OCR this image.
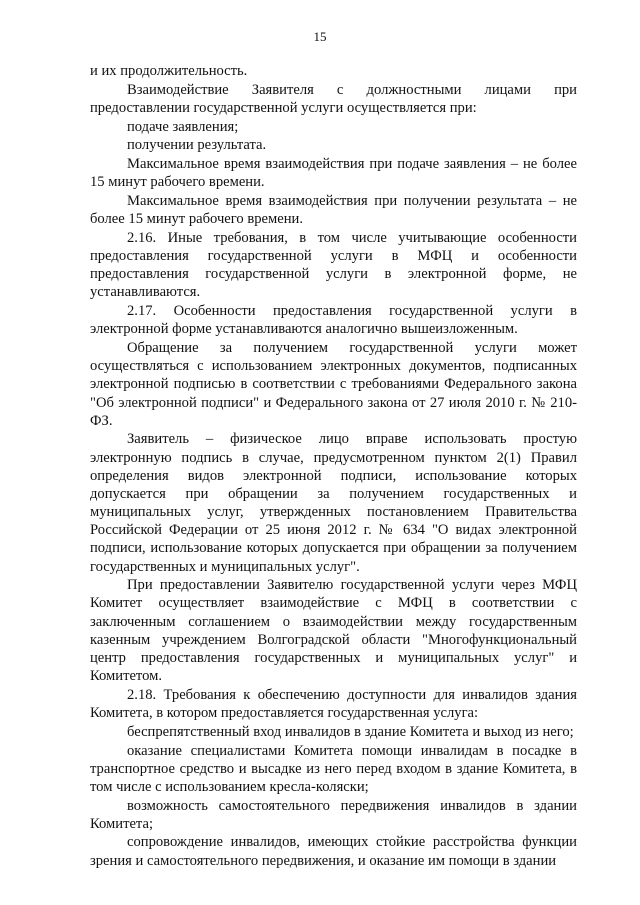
15

и их продолжительность.

Взаимодействие Заявителя с должностными лицами при предоставлении государственной услуги осуществляется при:

подаче заявления;

получении результата.

Максимальное время взаимодействия при подаче заявления – не более 15 минут рабочего времени.

Максимальное время взаимодействия при получении результата – не более 15 минут рабочего времени.

2.16. Иные требования, в том числе учитывающие особенности предоставления государственной услуги в МФЦ и особенности предоставления государственной услуги в электронной форме, не устанавливаются.

2.17. Особенности предоставления государственной услуги в электронной форме устанавливаются аналогично вышеизложенным.

Обращение за получением государственной услуги может осуществляться с использованием электронных документов, подписанных электронной подписью в соответствии с требованиями Федерального закона "Об электронной подписи" и Федерального закона от 27 июля 2010 г. № 210-ФЗ.

Заявитель – физическое лицо вправе использовать простую электронную подпись в случае, предусмотренном пунктом 2(1) Правил определения видов электронной подписи, использование которых допускается при обращении за получением государственных и муниципальных услуг, утвержденных постановлением Правительства Российской Федерации от 25 июня 2012 г. № 634 "О видах электронной подписи, использование которых допускается при обращении за получением государственных и муниципальных услуг".

При предоставлении Заявителю государственной услуги через МФЦ Комитет осуществляет взаимодействие с МФЦ в соответствии с заключенным соглашением о взаимодействии между государственным казенным учреждением Волгоградской области "Многофункциональный центр предоставления государственных и муниципальных услуг" и Комитетом.

2.18. Требования к обеспечению доступности для инвалидов здания Комитета, в котором предоставляется государственная услуга:

беспрепятственный вход инвалидов в здание Комитета и выход из него;

оказание специалистами Комитета помощи инвалидам в посадке в транспортное средство и высадке из него перед входом в здание Комитета, в том числе с использованием кресла-коляски;

возможность самостоятельного передвижения инвалидов в здании Комитета;

сопровождение инвалидов, имеющих стойкие расстройства функции зрения и самостоятельного передвижения, и оказание им помощи в здании
